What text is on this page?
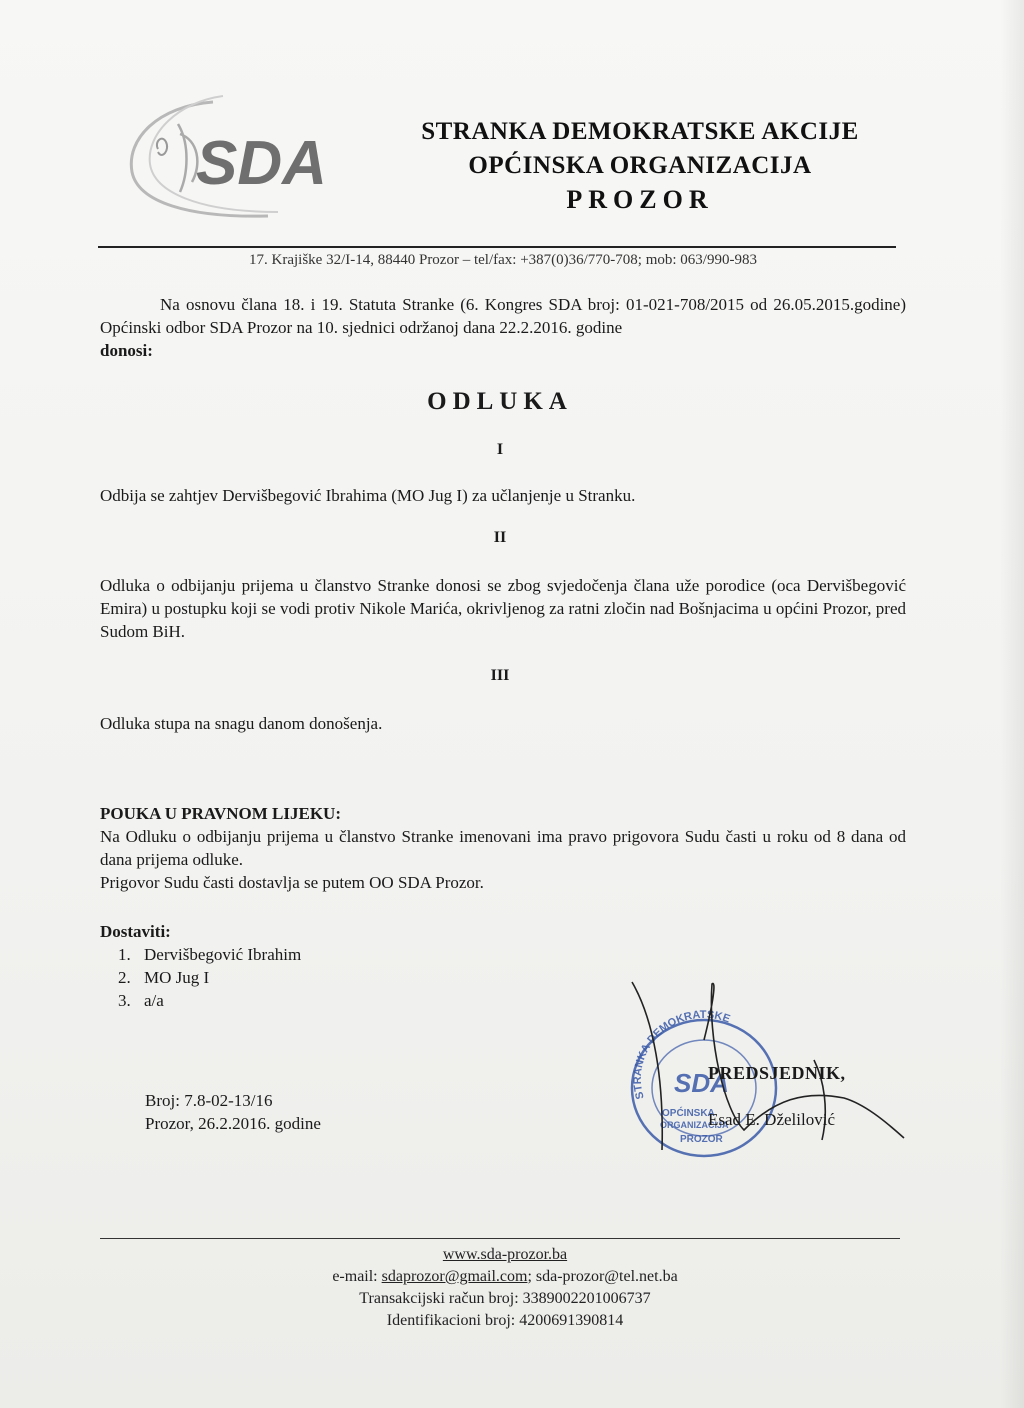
SDA	STRANKA DEMOKRATSKE AKCIJE
OPĆINSKA ORGANIZACIJA
PROZOR
17. Krajiške 32/I-14, 88440 Prozor – tel/fax: +387(0)36/770-708; mob: 063/990-983
Na osnovu člana 18. i 19. Statuta Stranke (6. Kongres SDA broj: 01-021-708/2015 od 26.05.2015.godine) Općinski odbor SDA Prozor na 10. sjednici održanoj dana 22.2.2016. godine
donosi:
ODLUKA
I
Odbija se zahtjev Dervišbegović Ibrahima (MO Jug I) za učlanjenje u Stranku.
II
Odluka o odbijanju prijema u članstvo Stranke donosi se zbog svjedočenja člana uže porodice (oca Dervišbegović Emira) u postupku koji se vodi protiv Nikole Marića, okrivljenog za ratni zločin nad Bošnjacima u općini Prozor, pred Sudom BiH.
III
Odluka stupa na snagu danom donošenja.
POUKA U PRAVNOM LIJEKU:
Na Odluku o odbijanju prijema u članstvo Stranke imenovani ima pravo prigovora Sudu časti u roku od 8 dana od dana prijema odluke.
Prigovor Sudu časti dostavlja se putem OO SDA Prozor.
Dostaviti:
1. Dervišbegović Ibrahim
2. MO Jug I
3. a/a
Broj: 7.8-02-13/16
Prozor, 26.2.2016. godine
STRANKA DEMOKRATSKE
SDA
OPĆINSKA
ORGANIZACIJA
PROZOR
PREDSJEDNIK,
Esad E. Dželilović
www.sda-prozor.ba
e-mail: sdaprozor@gmail.com; sda-prozor@tel.net.ba
Transakcijski račun broj: 3389002201006737
Identifikacioni broj: 4200691390814
